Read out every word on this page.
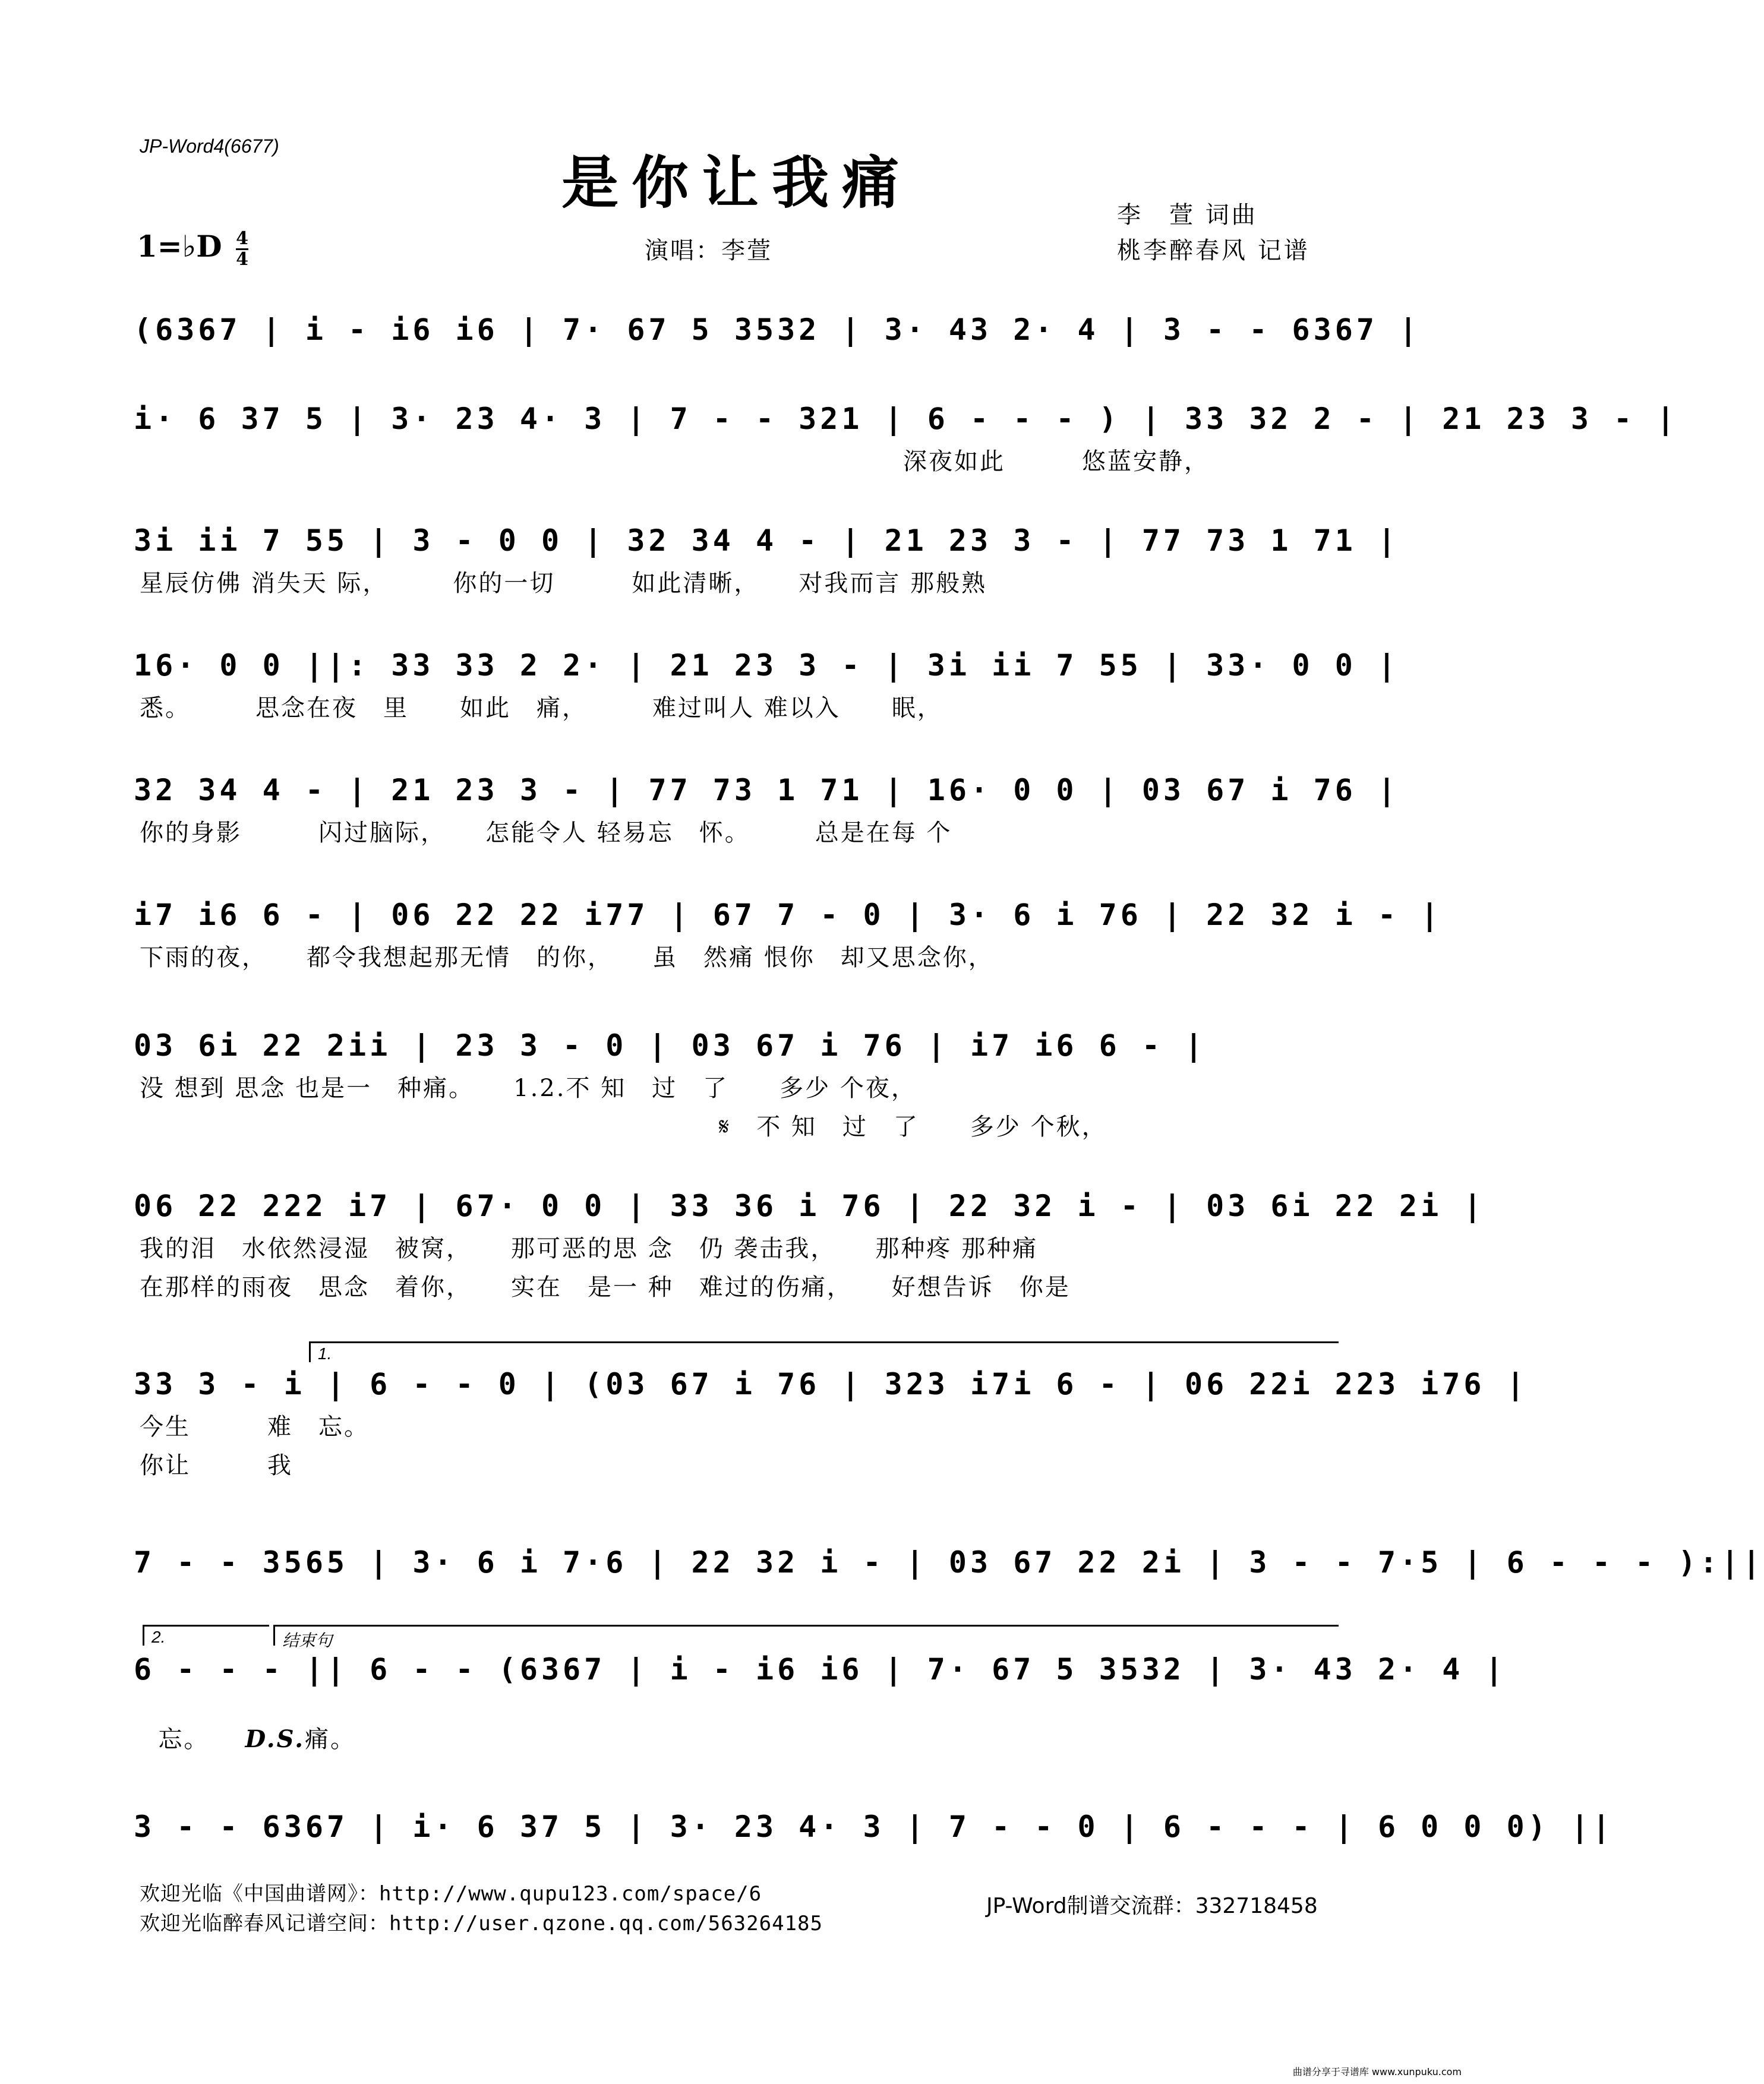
JP-Word4(6677)
是你让我痛	李　萱 词曲
桃李醉春风 记谱
1=♭D $\frac{4}{4}$	演唱：李萱
(6367 | i - i6 i6 | 7· 67 5 3532 | 3· 43 2· 4 | 3 - - 6367 |
i· 6 37 5 | 3· 23 4· 3 | 7 - - 321 | 6 - - - ) | 33 32 2 - | 21 23 3 - |
深夜如此　　　悠蓝安静，
3i ii 7 55 | 3 - 0 0 | 32 34 4 - | 21 23 3 - | 77 73 1 71 |
星辰仿佛 消失天 际，　　　你的一切　　　如此清晰，　　对我而言 那般熟
16· 0 0 ||: 33 33 2 2· | 21 23 3 - | 3i ii 7 55 | 33· 0 0 |
悉。　　　思念在夜　里　　如此　痛，　　　难过叫人 难以入　　眠，
32 34 4 - | 21 23 3 - | 77 73 1 71 | 16· 0 0 | 03 67 i 76 |
你的身影　　　闪过脑际，　　怎能令人 轻易忘　怀。　　　总是在每 个
i7 i6 6 - | 06 22 22 i77 | 67 7 - 0 | 3· 6 i 76 | 22 32 i - |
下雨的夜，　　都令我想起那无情　的你，　　虽　然痛 恨你　却又思念你，
03 6i 22 2ii | 23 3 - 0 | 03 67 i 76 | i7 i6 6 - |
没 想到 思念 也是一　种痛。　　1.2.不 知　过　了　　多少 个夜，
𝄋　不 知　过　了　　多少 个秋，
06 22 222 i7 | 67· 0 0 | 33 36 i 76 | 22 32 i - | 03 6i 22 2i |
我的泪　水依然浸湿　被窝，　　那可恶的思 念　仍 袭击我，　　那种疼 那种痛
在那样的雨夜　思念　着你，　　实在　是一 种　难过的伤痛，　　好想告诉　你是
1.
33 3 - i | 6 - - 0 | (03 67 i 76 | 323 i7i 6 - | 06 22i 223 i76 |
今生　　　难　忘。
你让　　　我
7 - - 3565 | 3· 6 i 7·6 | 22 32 i - | 03 67 22 2i | 3 - - 7·5 | 6 - - - ):||
2.	结束句
6 - - - || 6 - - (6367 | i - i6 i6 | 7· 67 5 3532 | 3· 43 2· 4 |

忘。 D.S.痛。

3 - - 6367 | i· 6 37 5 | 3· 23 4· 3 | 7 - - 0 | 6 - - - | 6 0 0 0) ||
欢迎光临《中国曲谱网》：http://www.qupu123.com/space/6
欢迎光临醉春风记谱空间：http://user.qzone.qq.com/563264185
JP-Word制谱交流群：332718458
曲谱分享于寻谱库 www.xunpuku.com
